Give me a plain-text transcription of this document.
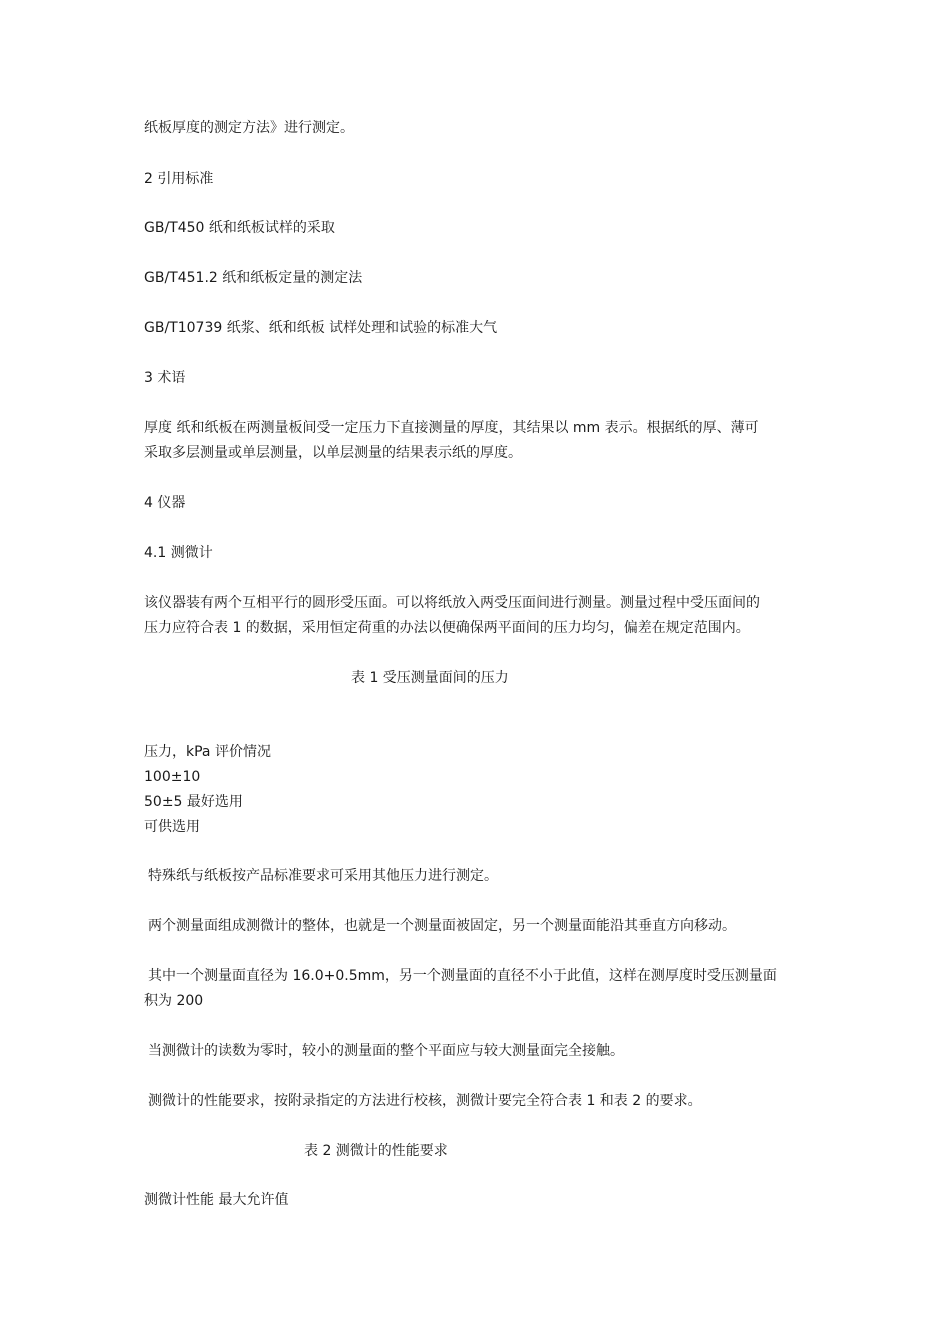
纸板厚度的测定方法》进行测定。
2 引用标准
GB/T450 纸和纸板试样的采取
GB/T451.2 纸和纸板定量的测定法
GB/T10739 纸浆、纸和纸板 试样处理和试验的标准大气
3 术语
厚度 纸和纸板在两测量板间受一定压力下直接测量的厚度，其结果以 mm 表示。根据纸的厚、薄可
采取多层测量或单层测量，以单层测量的结果表示纸的厚度。
4 仪器
4.1 测微计
该仪器装有两个互相平行的圆形受压面。可以将纸放入两受压面间进行测量。测量过程中受压面间的
压力应符合表 1 的数据，采用恒定荷重的办法以便确保两平面间的压力均匀，偏差在规定范围内。
表 1 受压测量面间的压力
压力，kPa 评价情况
100±10
50±5 最好选用
可供选用
特殊纸与纸板按产品标准要求可采用其他压力进行测定。
两个测量面组成测微计的整体，也就是一个测量面被固定，另一个测量面能沿其垂直方向移动。
其中一个测量面直径为 16.0+0.5mm，另一个测量面的直径不小于此值，这样在测厚度时受压测量面
积为 200
当测微计的读数为零时，较小的测量面的整个平面应与较大测量面完全接触。
测微计的性能要求，按附录指定的方法进行校核，测微计要完全符合表 1 和表 2 的要求。
表 2 测微计的性能要求
测微计性能 最大允许值
